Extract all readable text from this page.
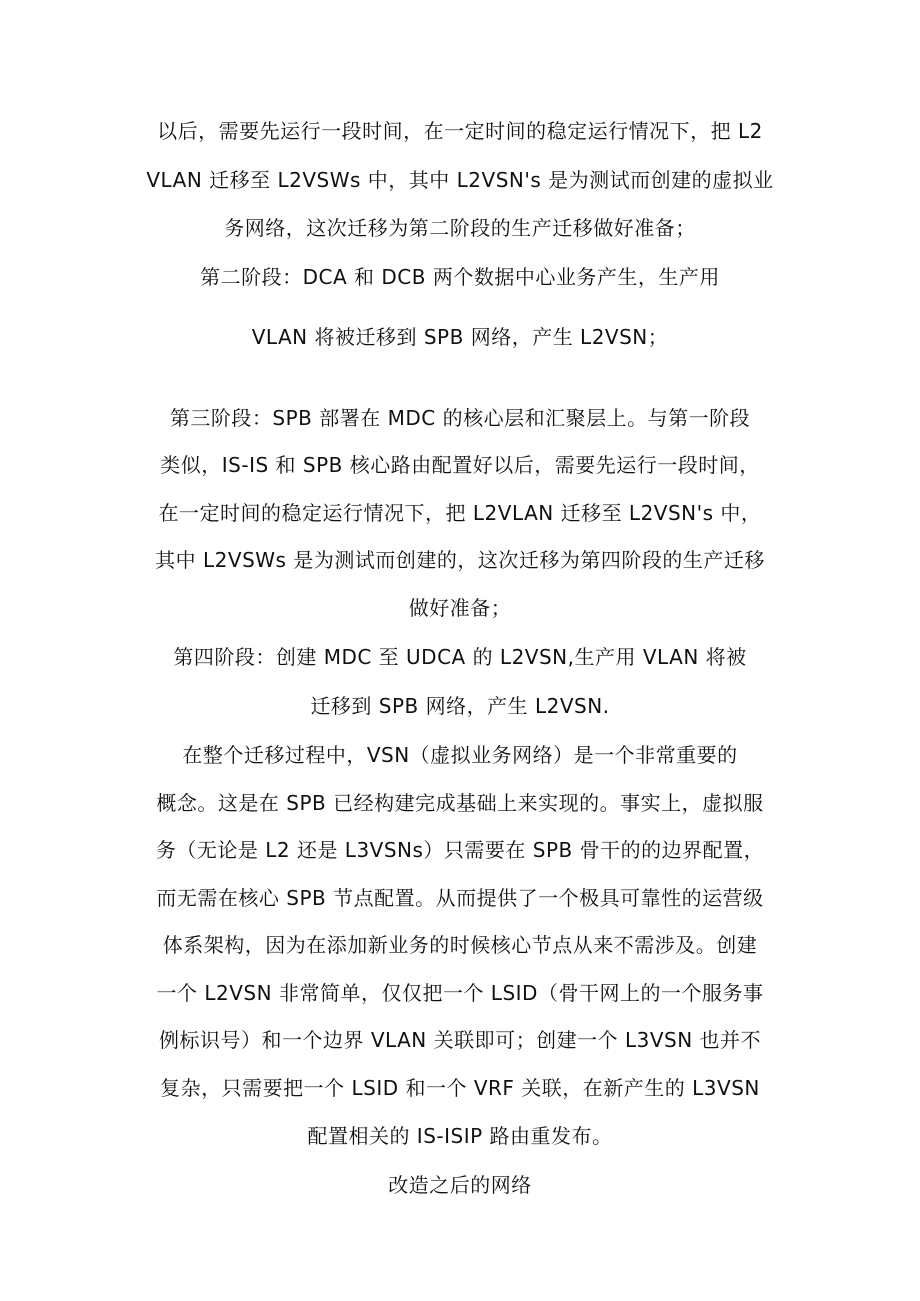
以后，需要先运行一段时间，在一定时间的稳定运行情况下，把 L2
VLAN 迁移至 L2VSWs 中，其中 L2VSN's 是为测试而创建的虚拟业
务网络，这次迁移为第二阶段的生产迁移做好准备；
第二阶段：DCA 和 DCB 两个数据中心业务产生，生产用
VLAN 将被迁移到 SPB 网络，产生 L2VSN；
第三阶段：SPB 部署在 MDC 的核心层和汇聚层上。与第一阶段
类似，IS-IS 和 SPB 核心路由配置好以后，需要先运行一段时间，
在一定时间的稳定运行情况下，把 L2VLAN 迁移至 L2VSN's 中，
其中 L2VSWs 是为测试而创建的，这次迁移为第四阶段的生产迁移
做好准备；
第四阶段：创建 MDC 至 UDCA 的 L2VSN,生产用 VLAN 将被
迁移到 SPB 网络，产生 L2VSN.
在整个迁移过程中，VSN（虚拟业务网络）是一个非常重要的
概念。这是在 SPB 已经构建完成基础上来实现的。事实上，虚拟服
务（无论是 L2 还是 L3VSNs）只需要在 SPB 骨干的的边界配置，
而无需在核心 SPB 节点配置。从而提供了一个极具可靠性的运营级
体系架构，因为在添加新业务的时候核心节点从来不需涉及。创建
一个 L2VSN 非常简单，仅仅把一个 LSID（骨干网上的一个服务事
例标识号）和一个边界 VLAN 关联即可；创建一个 L3VSN 也并不
复杂，只需要把一个 LSID 和一个 VRF 关联，在新产生的 L3VSN
配置相关的 IS-ISIP 路由重发布。
改造之后的网络
